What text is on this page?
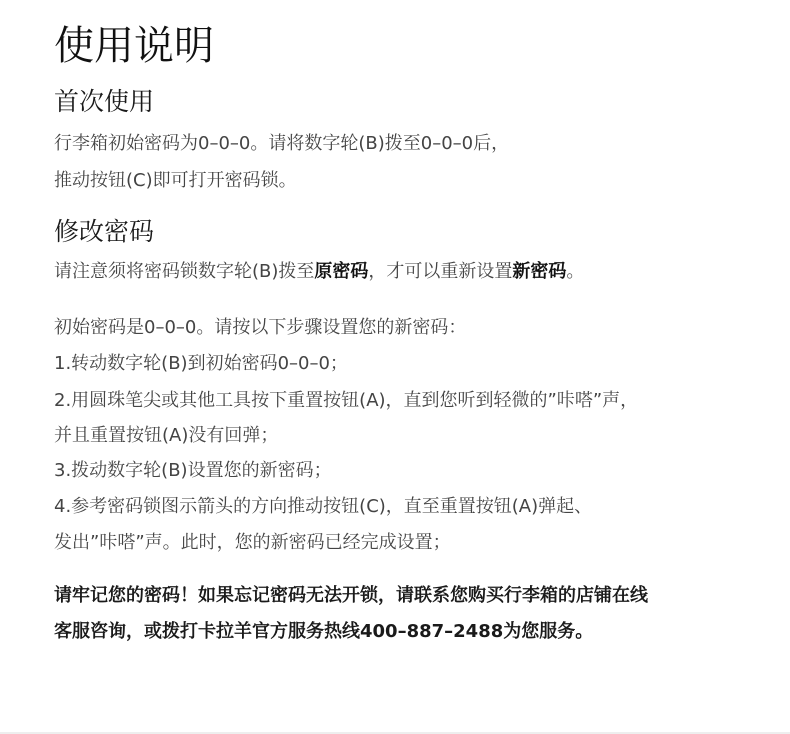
使用说明
首次使用
行李箱初始密码为0–0–0。请将数字轮(B)拨至0–0–0后，
推动按钮(C)即可打开密码锁。
修改密码
请注意须将密码锁数字轮(B)拨至原密码，才可以重新设置新密码。
初始密码是0–0–0。请按以下步骤设置您的新密码：
1.转动数字轮(B)到初始密码0–0–0；
2.用圆珠笔尖或其他工具按下重置按钮(A)，直到您听到轻微的”咔嗒”声，
并且重置按钮(A)没有回弹；
3.拨动数字轮(B)设置您的新密码；
4.参考密码锁图示箭头的方向推动按钮(C)，直至重置按钮(A)弹起、
发出”咔嗒”声。此时，您的新密码已经完成设置；
请牢记您的密码！如果忘记密码无法开锁，请联系您购买行李箱的店铺在线
客服咨询，或拨打卡拉羊官方服务热线400–887–2488为您服务。
